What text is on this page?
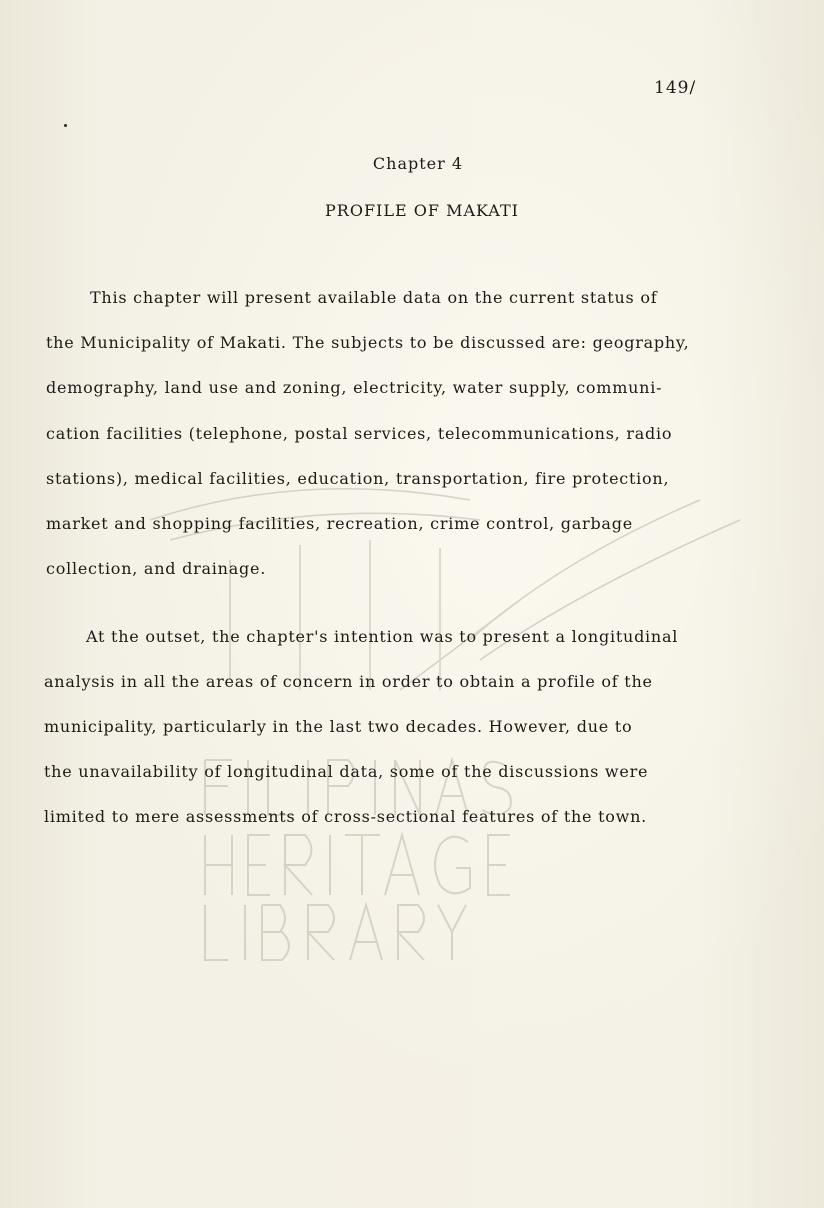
149/
Chapter 4
PROFILE OF MAKATI
This chapter will present available data on the current status of
the Municipality of Makati. The subjects to be discussed are: geography,
demography, land use and zoning, electricity, water supply, communi-
cation facilities (telephone, postal services, telecommunications, radio
stations), medical facilities, education, transportation, fire protection,
market and shopping facilities, recreation, crime control, garbage
collection, and drainage.
At the outset, the chapter's intention was to present a longitudinal
analysis in all the areas of concern in order to obtain a profile of the
municipality, particularly in the last two decades. However, due to
the unavailability of longitudinal data, some of the discussions were
limited to mere assessments of cross-sectional features of the town.
